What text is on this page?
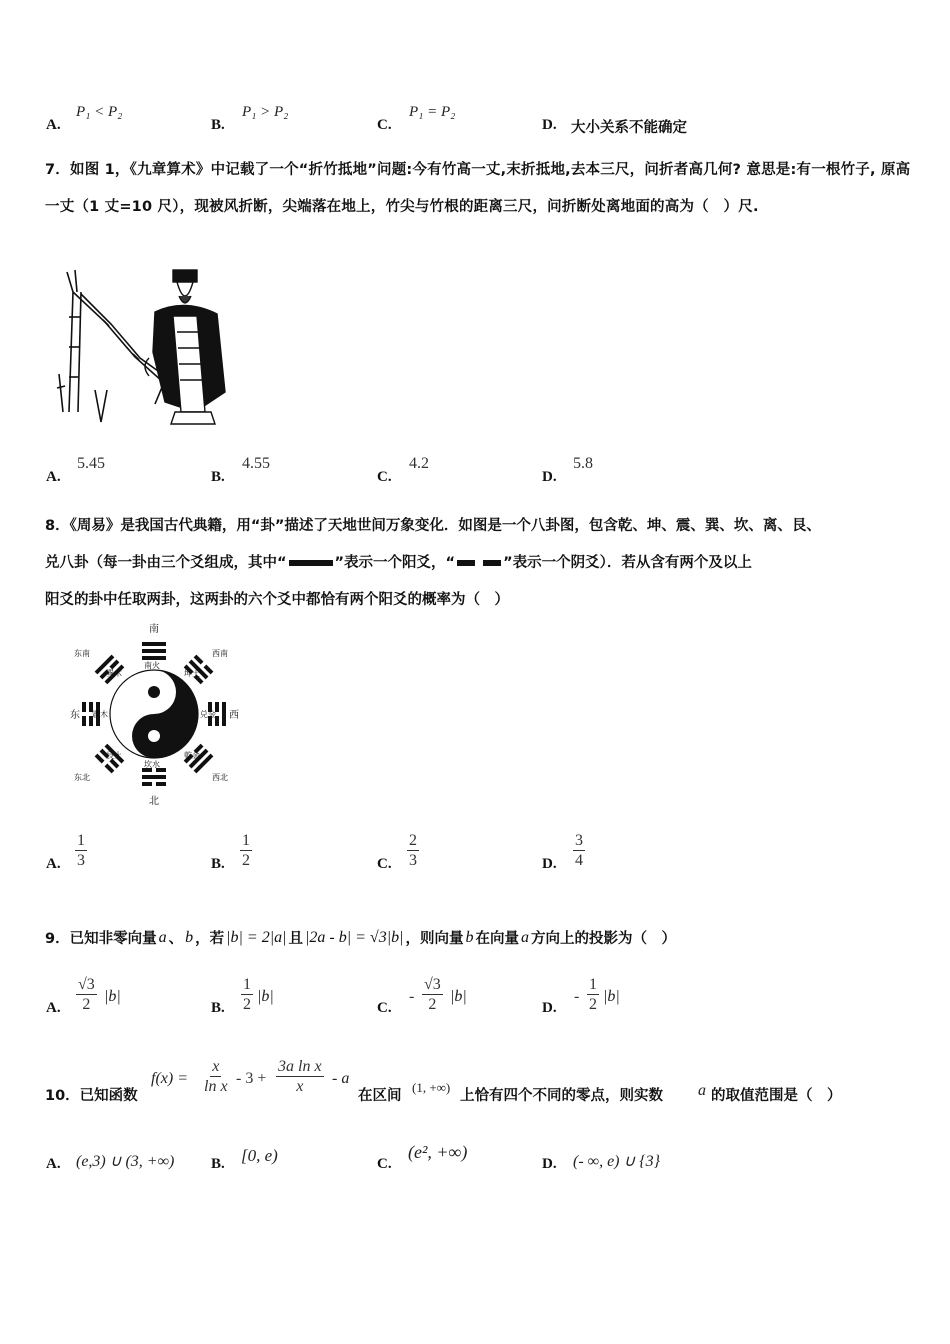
A.
P₁ < P₂
B.
P₁ > P₂
C.
P₁ = P₂
D. 大小关系不能确定
7．如图 1，《九章算术》中记载了一个“折竹抵地”问题:今有竹高一丈,末折抵地,去本三尺，问折者高几何? 意思是:有一根竹子, 原高一丈（1 丈=10 尺），现被风折断，尖端落在地上，竹尖与竹根的距离三尺，问折断处离地面的高为（　）尺.
A.
5.45
B.
4.55
C.
4.2
D.
5.8
8．《周易》是我国古代典籍，用“卦”描述了天地世间万象变化．如图是一个八卦图，包含乾、坤、震、巽、坎、离、艮、
兑八卦（每一卦由三个爻组成，其中“	”表示一个阳爻，“	”表示一个阴爻）．若从含有两个及以上
阳爻的卦中任取两卦，这两卦的六个爻中都恰有两个阳爻的概率为（　）
南
北
东	西
东南	西南
东北	西北
南火
坎水
震木	兑金
坤土
巽木
艮土	乾金
A. $\frac{1}{3}$	B. $\frac{1}{2}$	C. $\frac{2}{3}$	D. $\frac{3}{4}$
9．已知非零向量 a 、 b ，若 |b| = 2|a| 且 |2a - b| = √3|b| ，则向量 b 在向量 a 方向上的投影为（　）
A. $\frac{√3}{2} |b|$
B. $\frac{1}{2} |b|$
C.
- $\frac{√3}{2} |b|$
D.
- $\frac{1}{2} |b|$
10．已知函数
$f(x) = \frac{x}{\text{ln x}} - 3 + \frac{\text{3a ln x}}{x} - a$
在区间
(1, +∞)
上恰有四个不同的零点，则实数 a 的取值范围是（　）
A. (e,3) ∪ (3, +∞) B. [0, e)	C.
(e², +∞)
D. (- ∞, e) ∪ {3}
